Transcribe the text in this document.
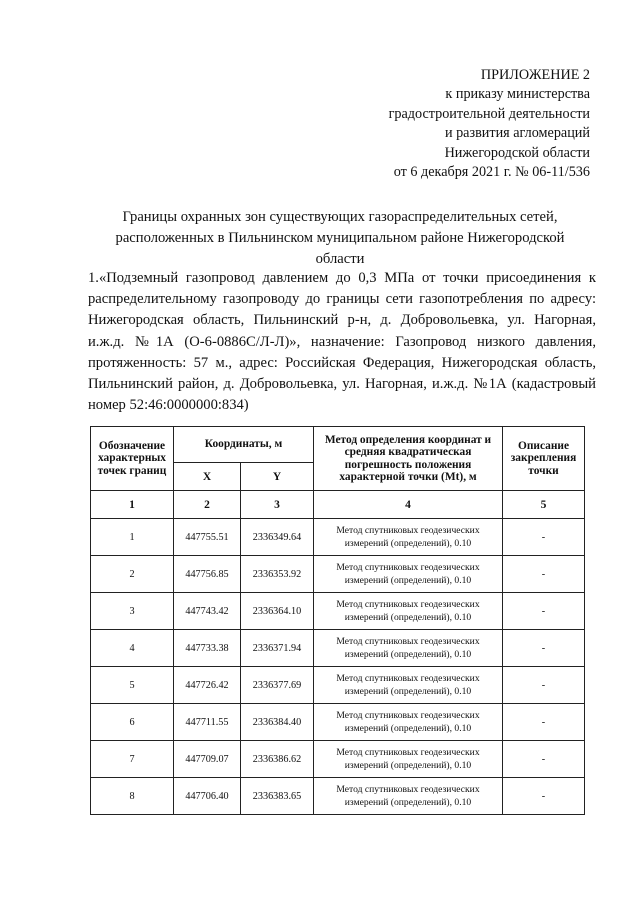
ПРИЛОЖЕНИЕ 2
к приказу министерства
градостроительной деятельности
и развития агломераций
Нижегородской области
от 6 декабря 2021 г. № 06-11/536
Границы охранных зон существующих газораспределительных сетей,
расположенных в Пильнинском муниципальном районе Нижегородской
области
1.«Подземный газопровод давлением до 0,3 МПа от точки присоединения к распределительному газопроводу до границы сети газопотребления по адресу: Нижегородская область, Пильнинский р-н, д. Добровольевка, ул. Нагорная, и.ж.д. №1А (О-6-0886С/Л-Л)», назначение: Газопровод низкого давления, протяженность: 57 м., адрес: Российская Федерация, Нижегородская область, Пильнинский район, д. Добровольевка, ул. Нагорная, и.ж.д. №1А (кадастровый номер 52:46:0000000:834)
Обозначение характерных точек границ	Координаты, м		Метод определения координат и средняя квадратическая погрешность положения характерной точки (Mt), м	Описание закрепления точки
	X	Y		
1	2	3	4	5
1	447755.51	2336349.64	Метод спутниковых геодезических измерений (определений), 0.10	-
2	447756.85	2336353.92	Метод спутниковых геодезических измерений (определений), 0.10	-
3	447743.42	2336364.10	Метод спутниковых геодезических измерений (определений), 0.10	-
4	447733.38	2336371.94	Метод спутниковых геодезических измерений (определений), 0.10	-
5	447726.42	2336377.69	Метод спутниковых геодезических измерений (определений), 0.10	-
6	447711.55	2336384.40	Метод спутниковых геодезических измерений (определений), 0.10	-
7	447709.07	2336386.62	Метод спутниковых геодезических измерений (определений), 0.10	-
8	447706.40	2336383.65	Метод спутниковых геодезических измерений (определений), 0.10	-
